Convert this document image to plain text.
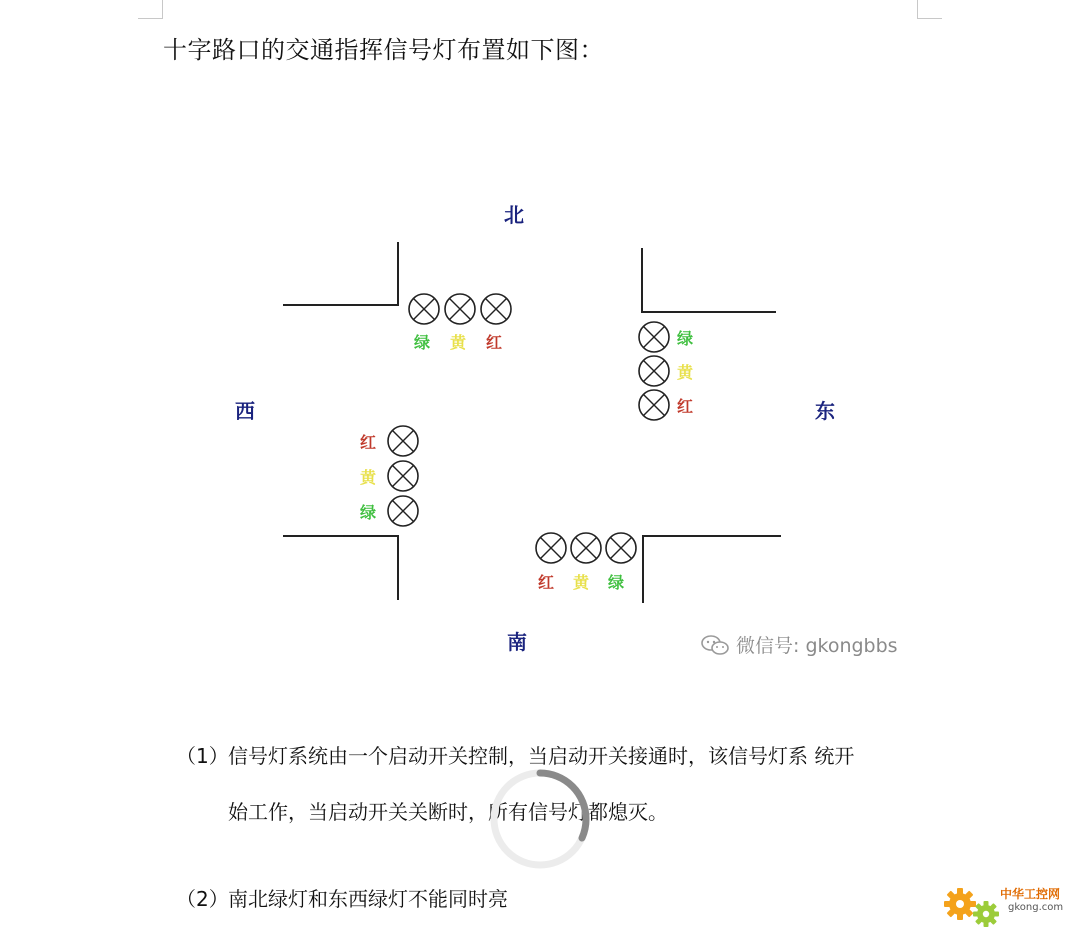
十字路口的交通指挥信号灯布置如下图：
绿 黄 红	绿
黄
红
红
黄
绿
红 黄 绿
北
南
西	东
微信号: gkongbbs
（1）信号灯系统由一个启动开关控制，当启动开关接通时，该信号灯系 统开
始工作，当启动开关关断时，所有信号灯都熄灭。
（2）南北绿灯和东西绿灯不能同时亮	中华工控网
gkong.com
